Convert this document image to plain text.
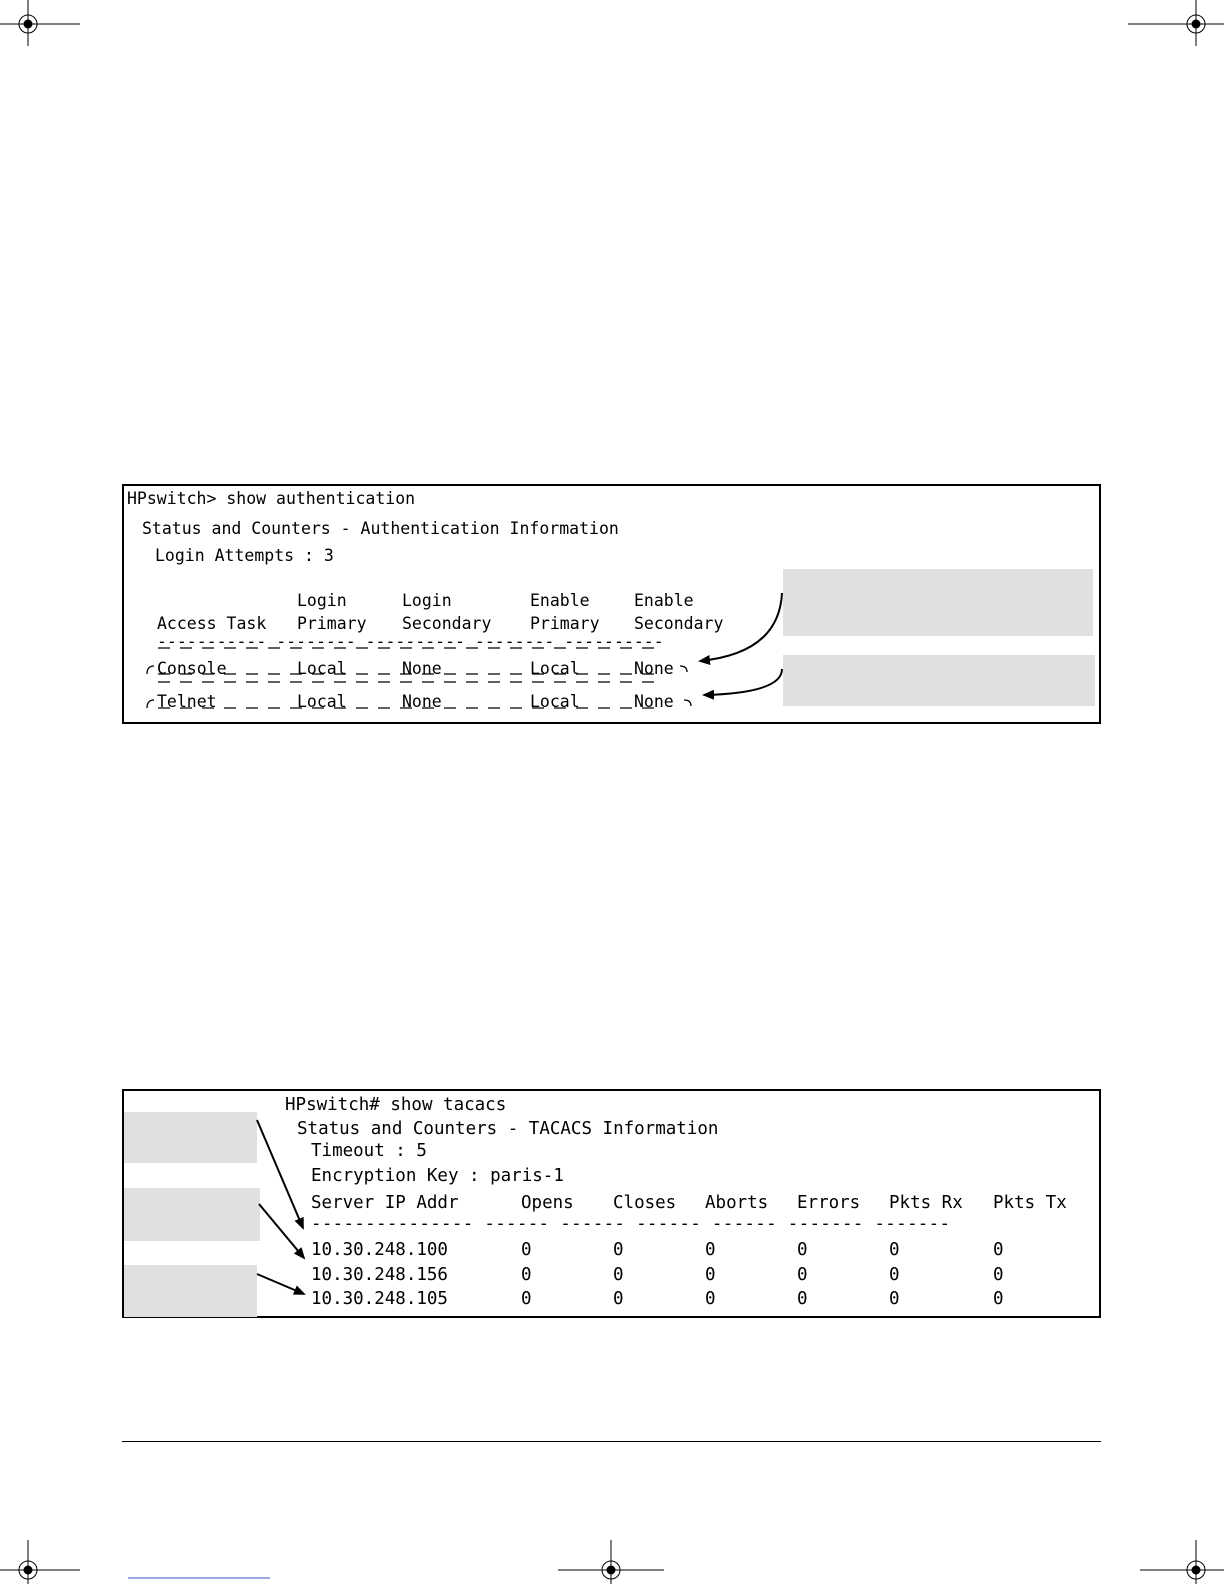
HPswitch> show authentication
Status and Counters - Authentication Information
Login Attempts : 3
Login	Login	Enable	Enable
Access Task Primary Secondary Primary Secondary
----------- -------- ---------- -------- ----------
Console	Local	None	Local	None
Telnet	Local	None	Local	None
HPswitch# show tacacs
Status and Counters - TACACS Information
Timeout : 5
Encryption Key : paris-1
Server IP Addr	Opens Closes Aborts Errors Pkts Rx Pkts Tx
--------------- ------ ------ ------ ------ ------- -------
10.30.248.100	0	0	0	0	0	0
10.30.248.156	0	0	0	0	0	0
10.30.248.105	0	0	0	0	0	0
